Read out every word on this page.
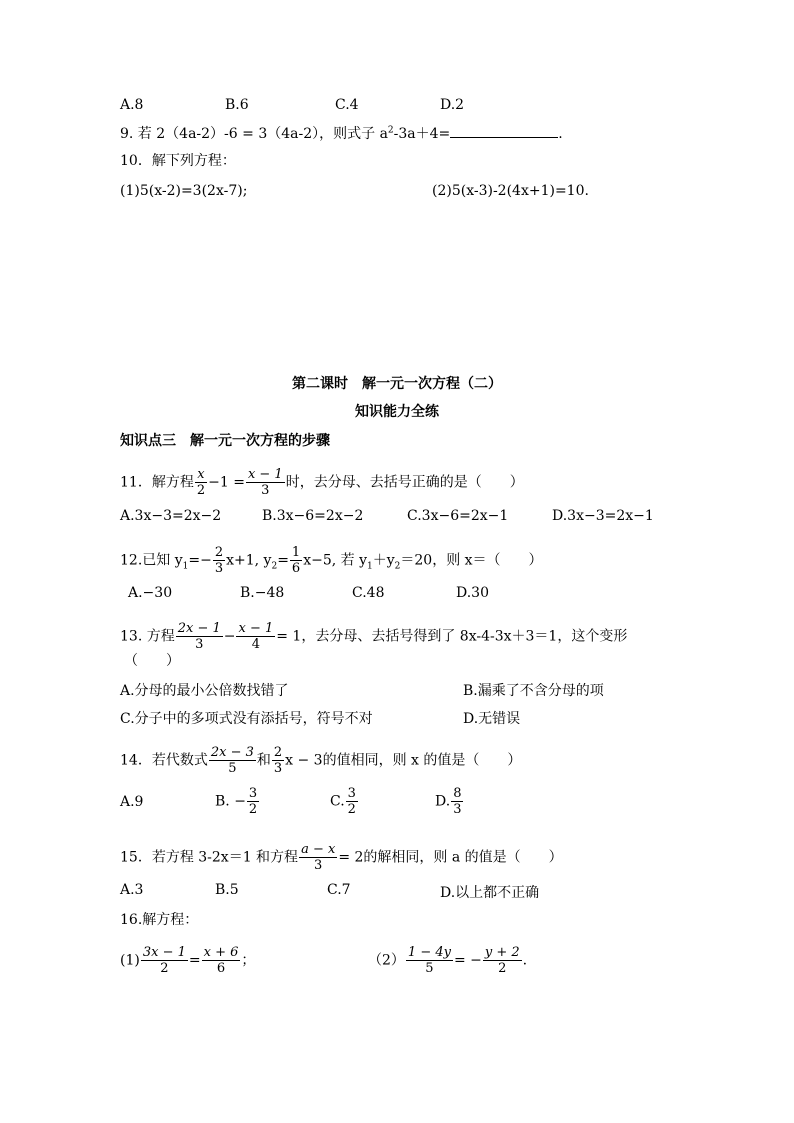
A.8	B.6	C.4	D.2
9. 若 2（4a-2）-6 = 3（4a-2），则式子 $a^2-3a+4=$	.
10．解下列方程：
(1)5(x-2)=3(2x-7);	(2)5(x-3)-2(4x+1)=10.
第二课时　解一元一次方程（二）
知识能力全练
知识点三　解一元一次方程的步骤
11．解方程 $\frac{x}{2} -1 = \frac{x - 1}{3}$ 时，去分母、去括号正确的是（　　）
A.3x−3=2x−2	B.3x−6=2x−2	C.3x−6=2x−1	D.3x−3=2x−1
12.已知 $y_1=- \frac{2}{3} x+1$, $y_2= \frac{1}{6} x-5$, 若 $y_1+y_2=20$，则 x＝（　　）
A.−30	B.−48	C.48	D.30
13. 方程 $\frac{2x - 1}{3} - \frac{x - 1}{4} = 1$，去分母、去括号得到了 8x-4-3x＋3＝1，这个变形
（　　）
A.分母的最小公倍数找错了	B.漏乘了不含分母的项
C.分子中的多项式没有添括号，符号不对	D.无错误
14．若代数式 $\frac{2x - 3}{5}$ 和 $\frac{2}{3}$ x − 3的值相同，则 x 的值是（　　）
A.9	B. − $\frac{3}{2}$	C. $\frac{3}{2}$	D. $\frac{8}{3}$
15．若方程 3-2x＝1 和方程 $\frac{a - x}{3} = 2$的解相同，则 a 的值是（　　）
A.3	B.5	C.7	D.以上都不正确
16.解方程：
$(1) \frac{3x - 1}{2} = \frac{x + 6}{6}$ ；	$(2) \frac{1 - 4y}{5}$ = − $\frac{y + 2}{2}$ .
